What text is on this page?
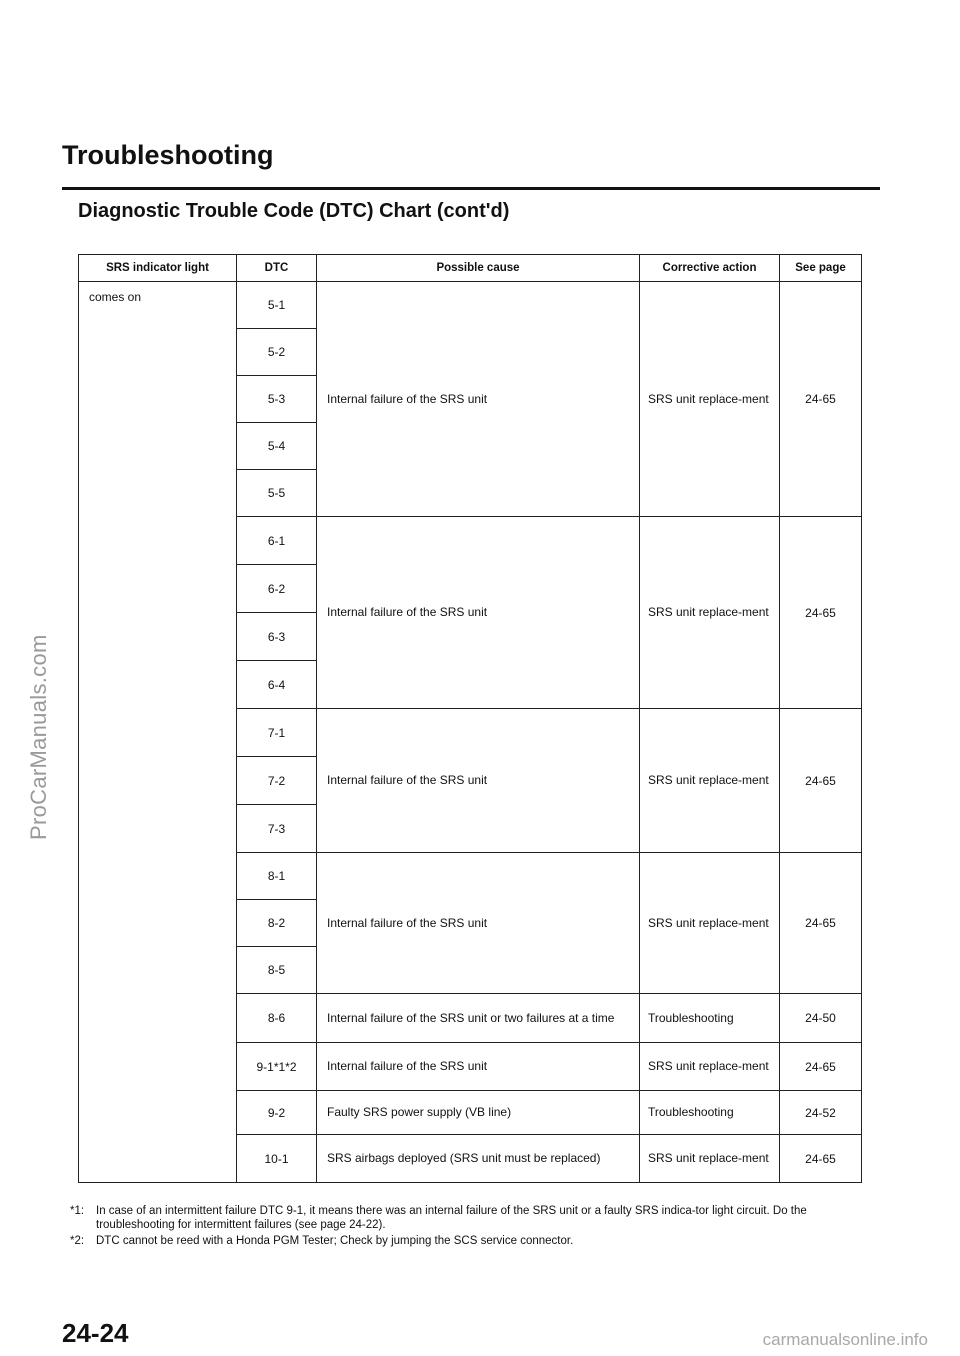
ProCarManuals.com
Troubleshooting
Diagnostic Trouble Code (DTC) Chart (cont'd)
SRS indicator light	DTC	Possible cause	Corrective action	See page
comes on	5-1	Internal failure of the SRS unit	SRS unit replace-ment	24-65
	5-2			
	5-3			
	5-4			
	5-5			
	6-1	Internal failure of the SRS unit	SRS unit replace-ment	24-65
	6-2			
	6-3			
	6-4			
	7-1	Internal failure of the SRS unit	SRS unit replace-ment	24-65
	7-2			
	7-3			
	8-1	Internal failure of the SRS unit	SRS unit replace-ment	24-65
	8-2			
	8-5			
	8-6	Internal failure of the SRS unit or two failures at a time	Troubleshooting	24-50
	9-1*1*2	Internal failure of the SRS unit	SRS unit replace-ment	24-65
	9-2	Faulty SRS power supply (VB line)	Troubleshooting	24-52
	10-1	SRS airbags deployed (SRS unit must be replaced)	SRS unit replace-ment	24-65

*1: In case of an intermittent failure DTC 9-1, it means there was an internal failure of the SRS unit or a faulty SRS indica-tor light circuit. Do the troubleshooting for intermittent failures (see page 24-22).

*2: DTC cannot be reed with a Honda PGM Tester; Check by jumping the SCS service connector.

24-24	carmanualsonline.info
